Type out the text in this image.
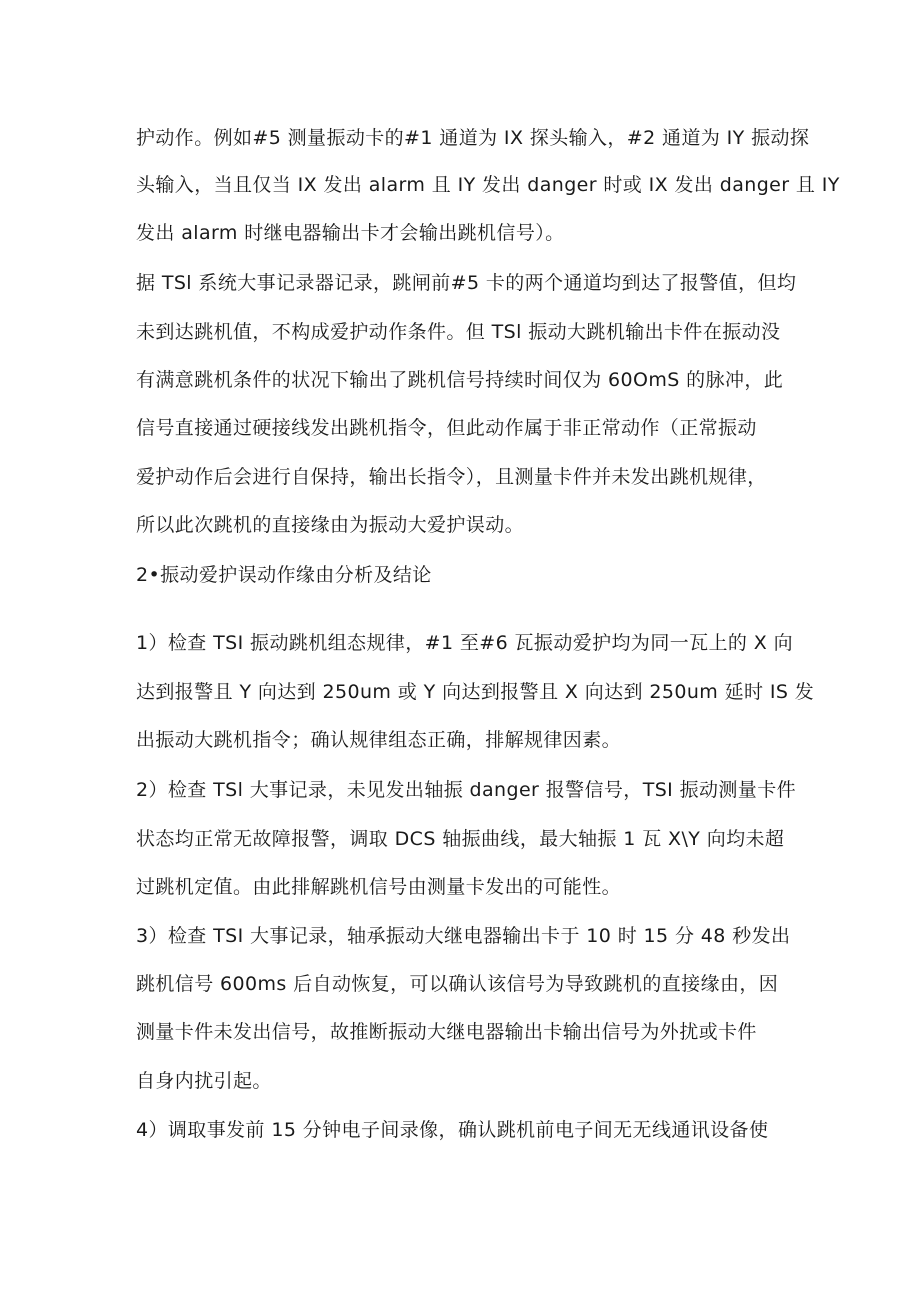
护动作。例如#5 测量振动卡的#1 通道为 IX 探头输入，#2 通道为 IY 振动探
头输入，当且仅当 IX 发出 alarm 且 IY 发出 danger 时或 IX 发出 danger 且 IY
发出 alarm 时继电器输出卡才会输出跳机信号）。
据 TSl 系统大事记录器记录，跳闸前#5 卡的两个通道均到达了报警值，但均
未到达跳机值，不构成爱护动作条件。但 TSl 振动大跳机输出卡件在振动没
有满意跳机条件的状况下输出了跳机信号持续时间仅为 60OmS 的脉冲，此
信号直接通过硬接线发出跳机指令，但此动作属于非正常动作（正常振动
爱护动作后会进行自保持，输出长指令），且测量卡件并未发出跳机规律，
所以此次跳机的直接缘由为振动大爱护误动。
2•振动爱护误动作缘由分析及结论
1）检查 TSI 振动跳机组态规律，#1 至#6 瓦振动爱护均为同一瓦上的 X 向
达到报警且 Y 向达到 250um 或 Y 向达到报警且 X 向达到 250um 延时 IS 发
出振动大跳机指令；确认规律组态正确，排解规律因素。
2）检查 TSl 大事记录，未见发出轴振 danger 报警信号，TSI 振动测量卡件
状态均正常无故障报警，调取 DCS 轴振曲线，最大轴振 1 瓦 X\Y 向均未超
过跳机定值。由此排解跳机信号由测量卡发出的可能性。
3）检查 TSI 大事记录，轴承振动大继电器输出卡于 10 时 15 分 48 秒发出
跳机信号 600ms 后自动恢复，可以确认该信号为导致跳机的直接缘由，因
测量卡件未发出信号，故推断振动大继电器输出卡输出信号为外扰或卡件
自身内扰引起。
4）调取事发前 15 分钟电子间录像，确认跳机前电子间无无线通讯设备使
